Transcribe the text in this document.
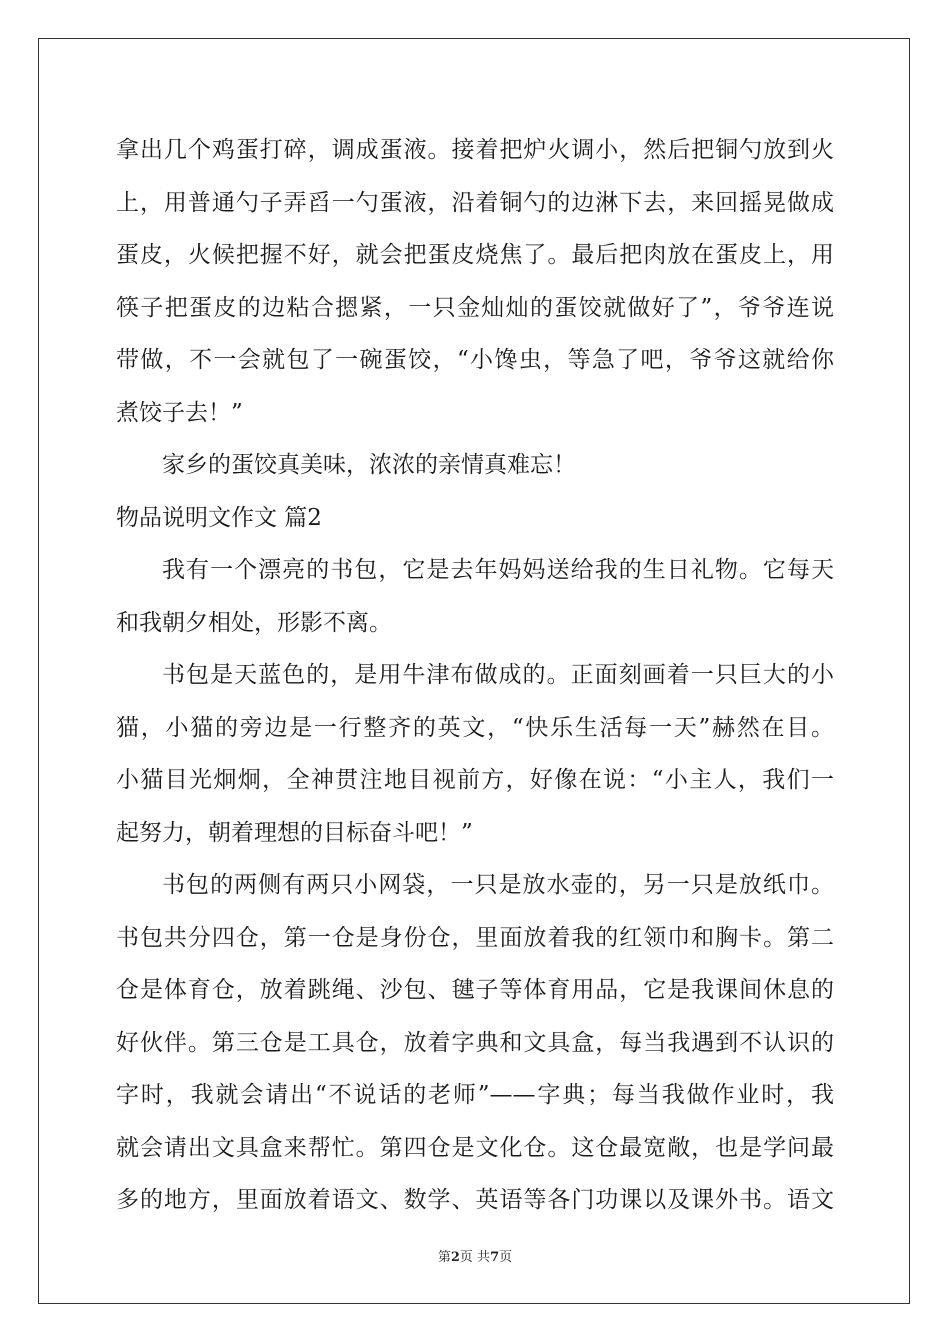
拿出几个鸡蛋打碎，调成蛋液。接着把炉火调小，然后把铜勺放到火
上，用普通勺子弄舀一勺蛋液，沿着铜勺的边淋下去，来回摇晃做成
蛋皮，火候把握不好，就会把蛋皮烧焦了。最后把肉放在蛋皮上，用
筷子把蛋皮的边粘合摁紧，一只金灿灿的蛋饺就做好了”，爷爷连说
带做，不一会就包了一碗蛋饺，“小馋虫，等急了吧，爷爷这就给你
煮饺子去！”
家乡的蛋饺真美味，浓浓的亲情真难忘！
物品说明文作文 篇2
我有一个漂亮的书包，它是去年妈妈送给我的生日礼物。它每天
和我朝夕相处，形影不离。
书包是天蓝色的，是用牛津布做成的。正面刻画着一只巨大的小
猫，小猫的旁边是一行整齐的英文，“快乐生活每一天”赫然在目。
小猫目光炯炯，全神贯注地目视前方，好像在说：“小主人，我们一
起努力，朝着理想的目标奋斗吧！”
书包的两侧有两只小网袋，一只是放水壶的，另一只是放纸巾。
书包共分四仓，第一仓是身份仓，里面放着我的红领巾和胸卡。第二
仓是体育仓，放着跳绳、沙包、毽子等体育用品，它是我课间休息的
好伙伴。第三仓是工具仓，放着字典和文具盒，每当我遇到不认识的
字时，我就会请出“不说话的老师”——字典；每当我做作业时，我
就会请出文具盒来帮忙。第四仓是文化仓。这仓最宽敞，也是学问最
多的地方，里面放着语文、数学、英语等各门功课以及课外书。语文
第2页 共7页
